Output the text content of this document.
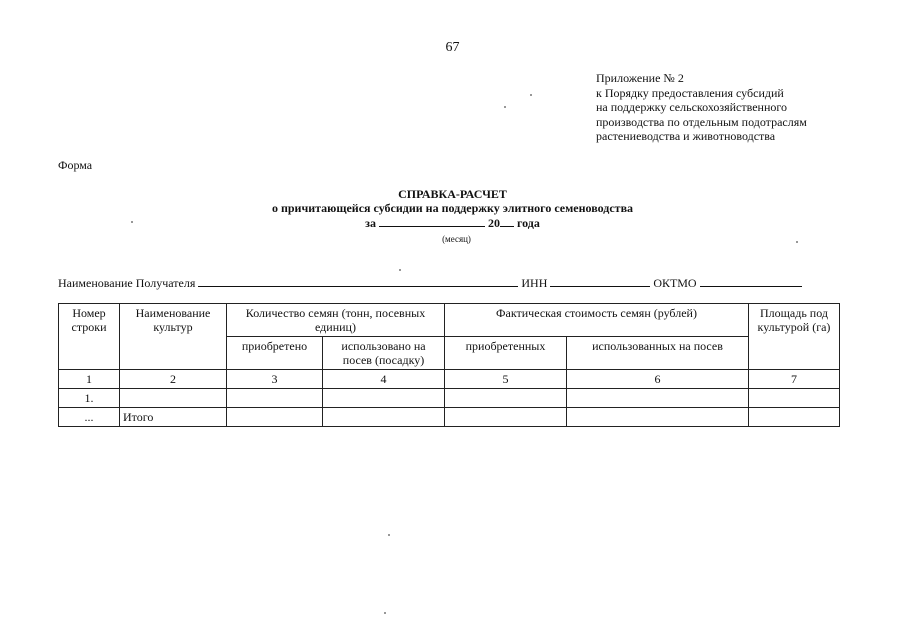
67
Приложение № 2
к Порядку предоставления субсидий
на поддержку сельскохозяйственного
производства по отдельным подотраслям
растениеводства и животноводства
Форма
СПРАВКА-РАСЧЕТ
о причитающейся субсидии на поддержку элитного семеноводства
за	20 года
(месяц)
Наименование Получателя	ИНН	ОКТМО
Номер строки	Наименование культур	Количество семян (тонн, посевных единиц)		Фактическая стоимость семян (рублей)		Площадь под культурой (га)
		приобретено	использовано на посев (посадку)	приобретенных	использованных на посев	
1	2	3	4	5	6	7
1.						
...	Итого					
